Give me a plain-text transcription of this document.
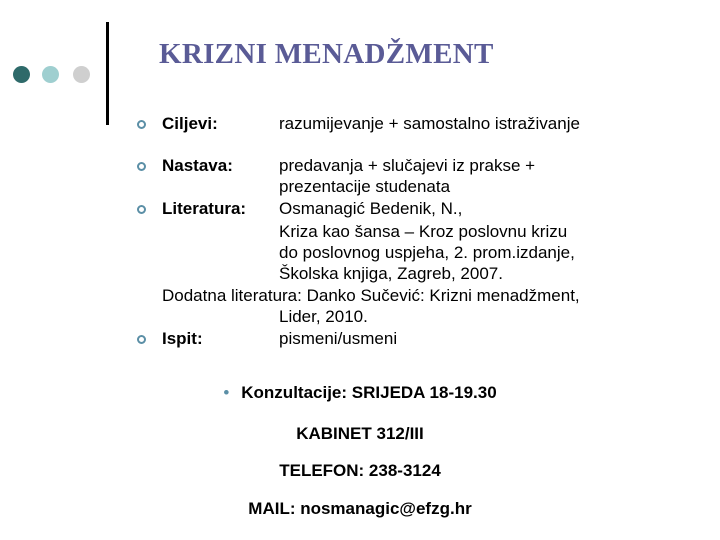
KRIZNI MENADŽMENT
Ciljevi:	razumijevanje + samostalno istraživanje
Nastava:	predavanja + slučajevi iz prakse +
prezentacije studenata
Literatura: Osmanagić Bedenik, N.,
Kriza kao šansa – Kroz poslovnu krizu
do poslovnog uspjeha, 2. prom.izdanje,
Školska knjiga, Zagreb, 2007.
Dodatna literatura: Danko Sučević: Krizni menadžment,
Lider, 2010.
Ispit:	pismeni/usmeni
• Konzultacije: SRIJEDA 18-19.30
KABINET 312/III
TELEFON: 238-3124
MAIL: nosmanagic@efzg.hr
